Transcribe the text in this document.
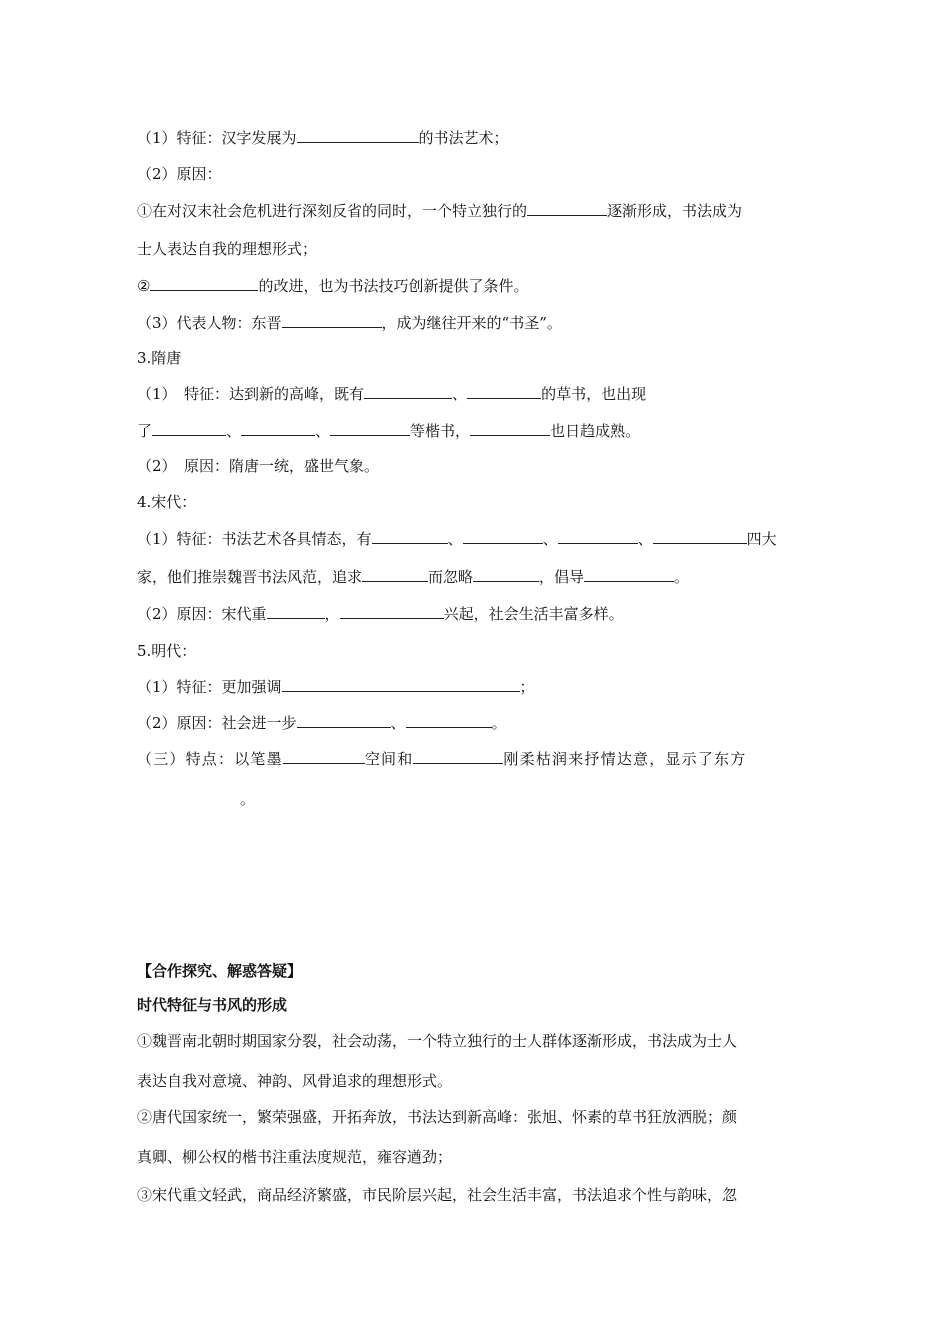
（1）特征：汉字发展为	的书法艺术；
（2）原因：
①在对汉末社会危机进行深刻反省的同时，一个特立独行的	逐渐形成，书法成为
士人表达自我的理想形式；
②	的改进，也为书法技巧创新提供了条件。
（3）代表人物：东晋	，成为继往开来的“书圣”。
3.隋唐
（1）　特征：达到新的高峰，既有	、	的草书，也出现
了	、	、	等楷书，	也日趋成熟。
（2）　原因：隋唐一统，盛世气象。
4.宋代：
（1）特征：书法艺术各具情态，有	、	、	、	四大
家，他们推崇魏晋书法风范，追求	而忽略	，倡导	。
（2）原因：宋代重	，	兴起，社会生活丰富多样。
5.明代：
（1）特征：更加强调	；
（2）原因：社会进一步	、	。
（三）特点：以笔墨	空间和	刚柔枯润来抒情达意，显示了东方
。
【合作探究、解惑答疑】
时代特征与书风的形成
①魏晋南北朝时期国家分裂，社会动荡，一个特立独行的士人群体逐渐形成，书法成为士人
表达自我对意境、神韵、风骨追求的理想形式。
②唐代国家统一，繁荣强盛，开拓奔放，书法达到新高峰：张旭、怀素的草书狂放洒脱；颜
真卿、柳公权的楷书注重法度规范，雍容遒劲；
③宋代重文轻武，商品经济繁盛，市民阶层兴起，社会生活丰富，书法追求个性与韵味，忽
